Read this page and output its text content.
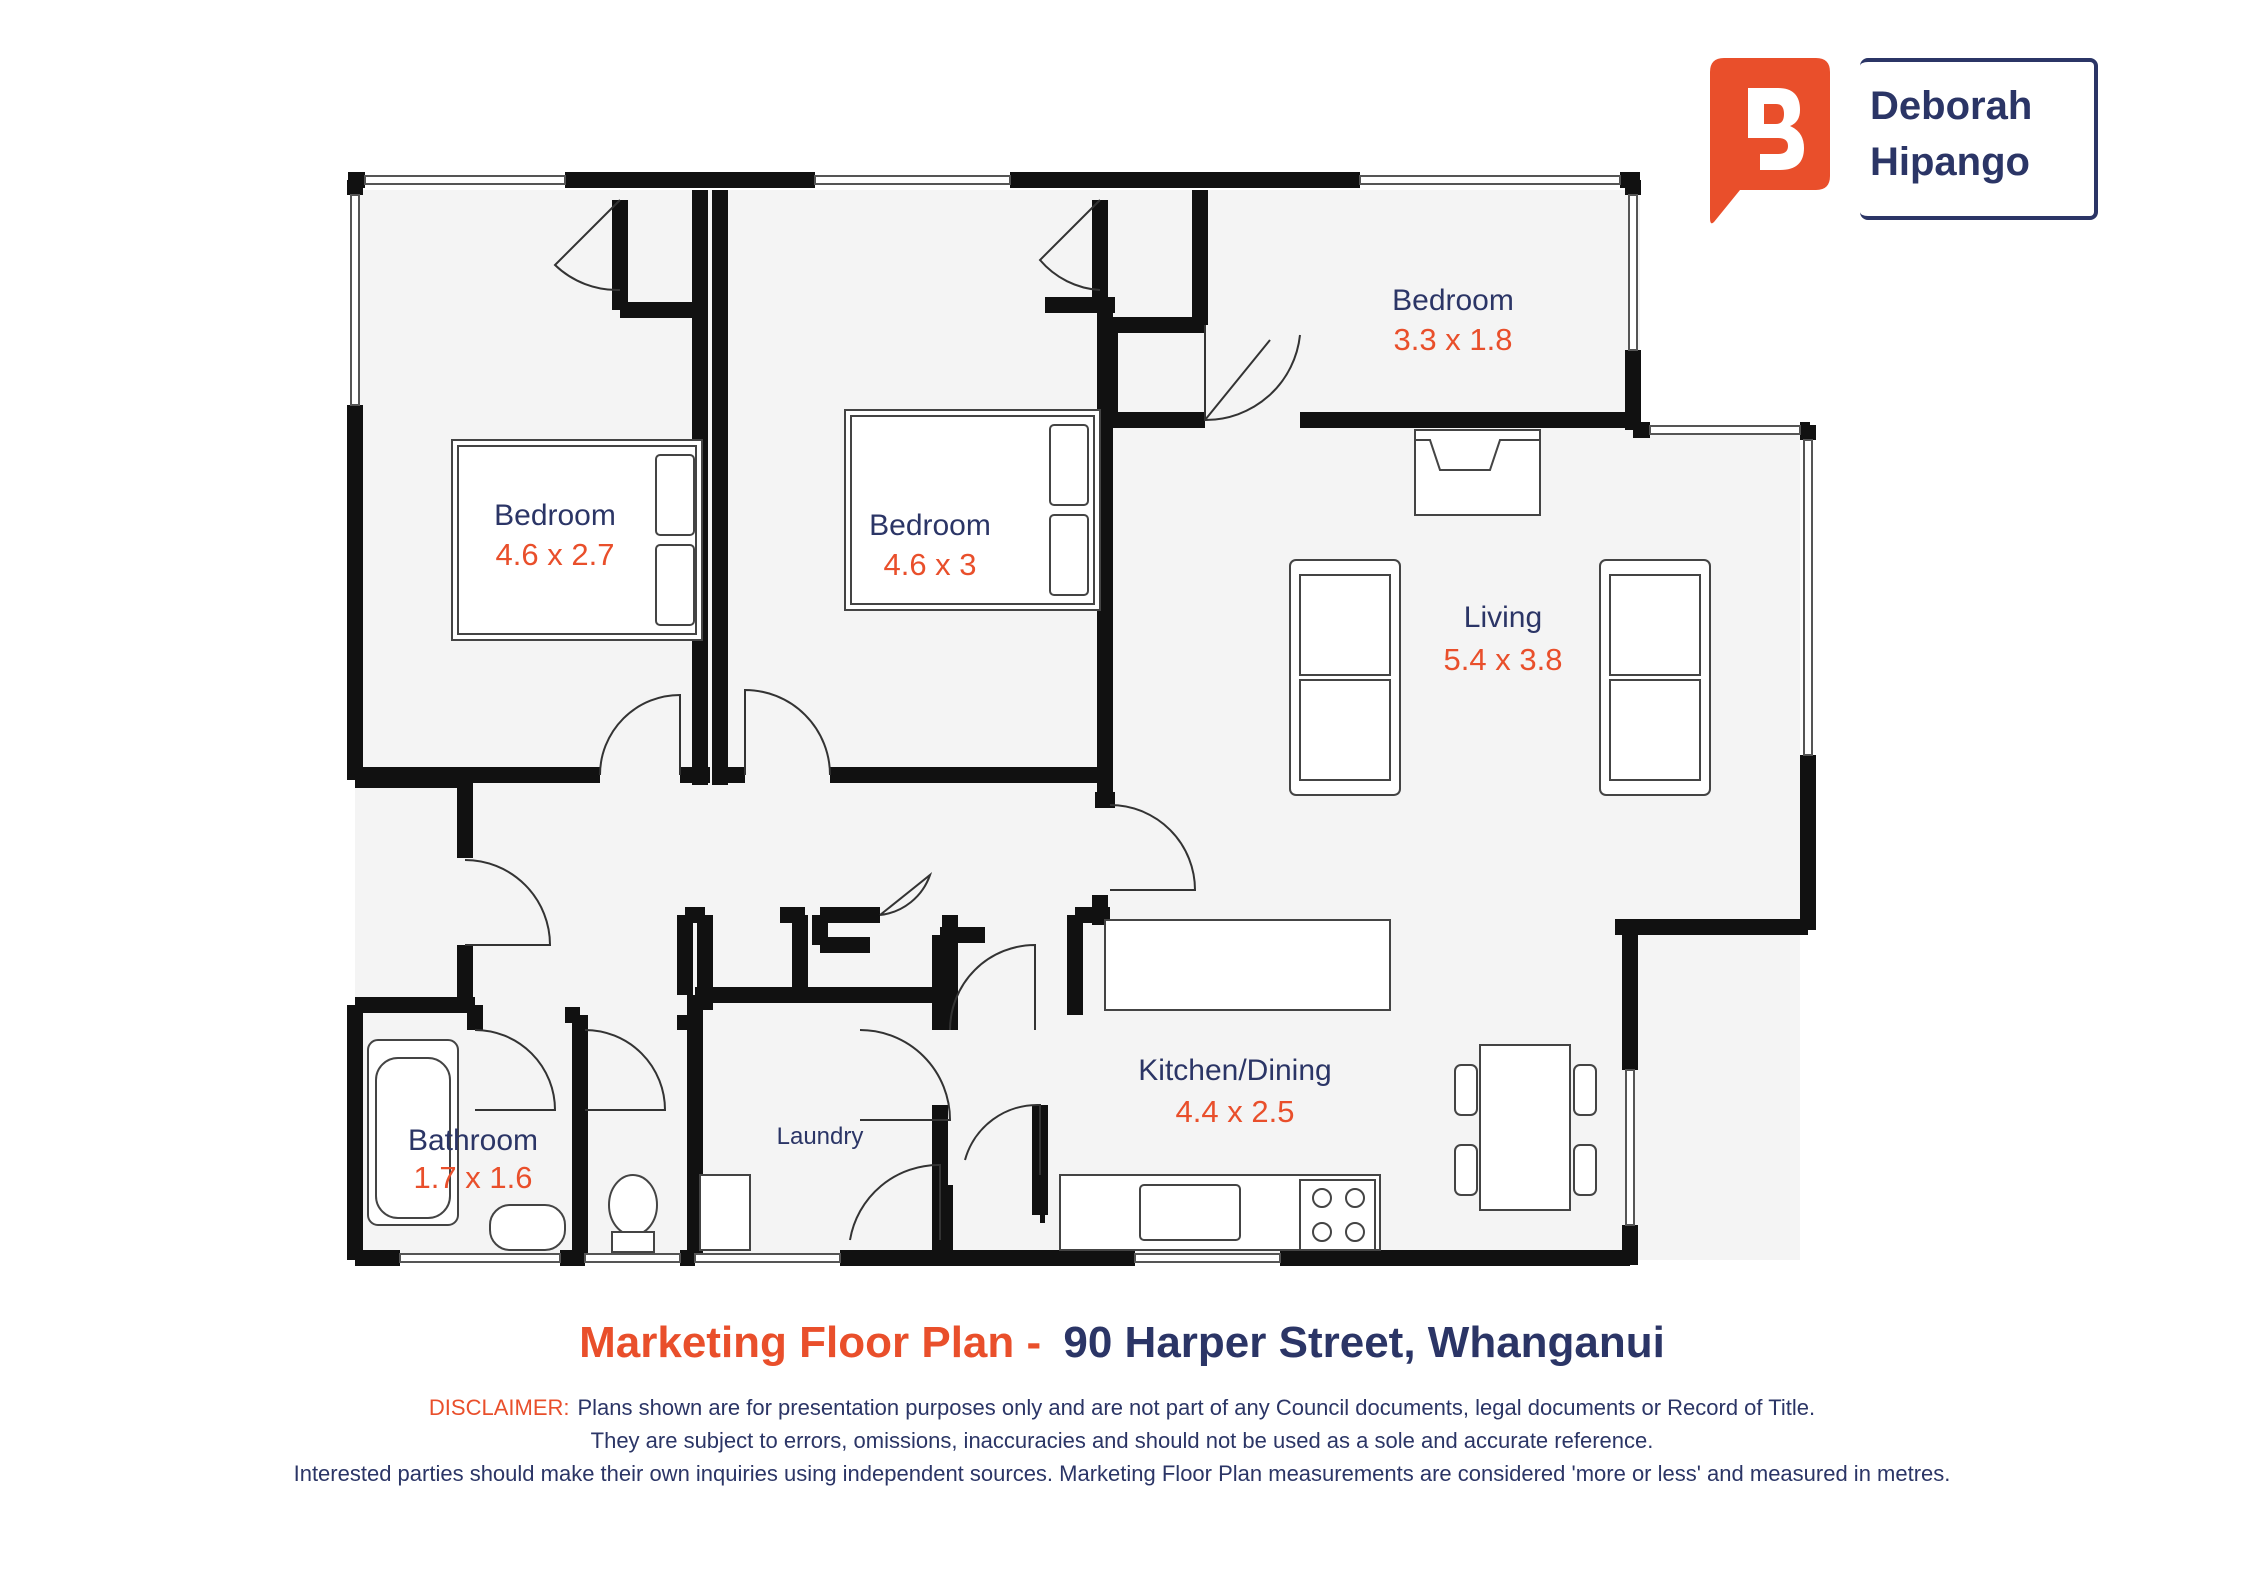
Deborah
Hipango
Bedroom
4.6 x 2.7
Bedroom
4.6 x 3
Bedroom
3.3 x 1.8
Living
5.4 x 3.8
Kitchen/Dining
4.4 x 2.5
Bathroom
1.7 x 1.6
Laundry
Marketing Floor Plan - 90 Harper Street, Whanganui
DISCLAIMER: Plans shown are for presentation purposes only and are not part of any Council documents, legal documents or Record of Title.
They are subject to errors, omissions, inaccuracies and should not be used as a sole and accurate reference.
Interested parties should make their own inquiries using independent sources. Marketing Floor Plan measurements are considered 'more or less' and measured in metres.
